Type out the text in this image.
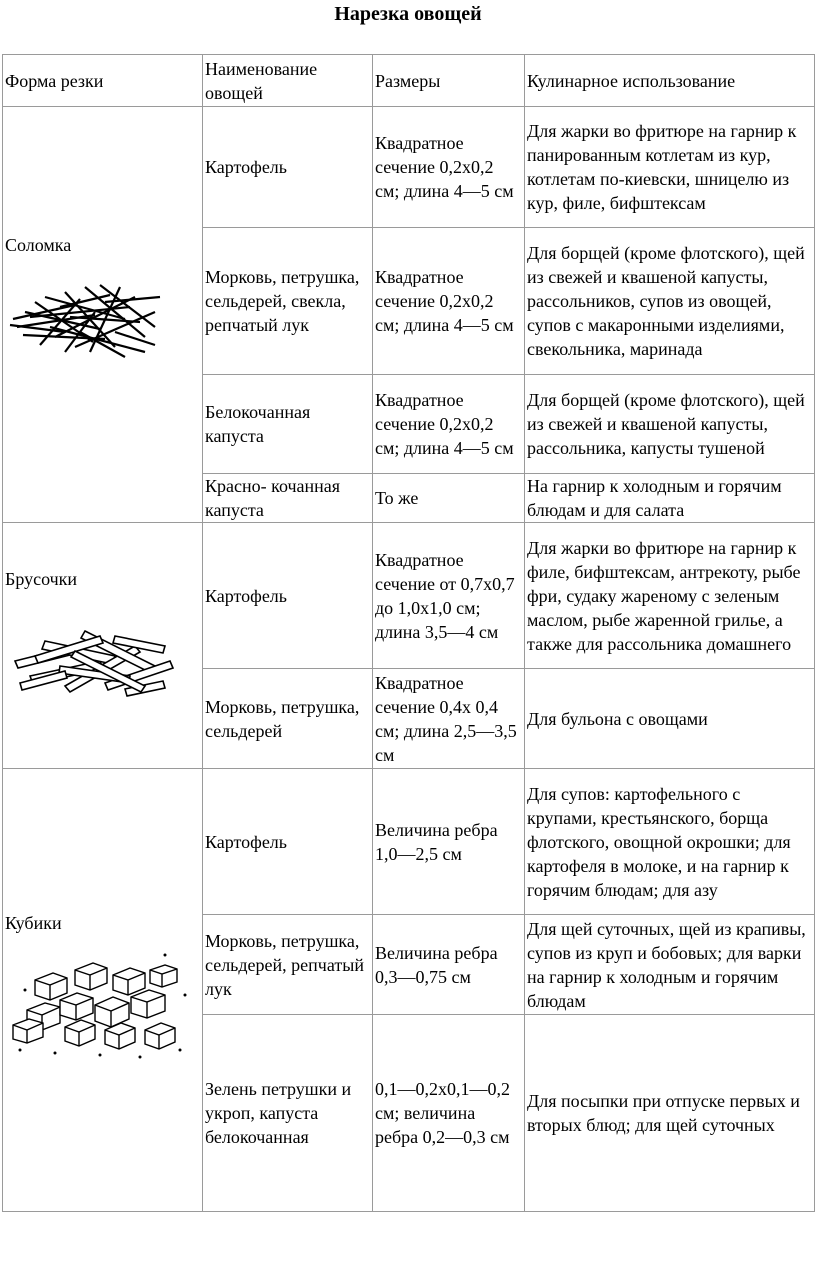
Нарезка овощей
Форма резки	Наименование овощей	Размеры	Кулинарное использование

Соломка	Картофель	Квадратное сечение 0,2х0,2 см; длина 4—5 см	Для жарки во фритюре на гарнир к панированным котлетам из кур, котлетам по-киевски, шницелю из кур, филе, бифштексам
	Морковь, петрушка, сельдерей, свекла, репчатый лук	Квадратное сечение 0,2х0,2 см; длина 4—5 см	Для борщей (кроме флотского), щей из свежей и квашеной капусты, рассольников, супов из овощей, супов с макаронными изделиями, свекольника, маринада
	Белокочанная капуста	Квадратное сечение 0,2х0,2 см; длина 4—5 см	Для борщей (кроме флотского), щей из свежей и квашеной капусты, рассольника, капусты тушеной
	Красно- кочанная капуста	То же	На гарнир к холодным и горячим блюдам и для салата

Брусочки	Картофель	Квадратное сечение от 0,7х0,7 до 1,0х1,0 см; длина 3,5—4 см	Для жарки во фритюре на гарнир к филе, бифштексам, антрекоту, рыбе фри, судаку жареному с зеленым маслом, рыбе жаренной грилье, а также для рассольника домашнего
	Морковь, петрушка, сельдерей	Квадратное сечение 0,4х 0,4 см; длина 2,5—3,5 см	Для бульона с овощами

Кубики	Картофель	Величина ребра 1,0—2,5 см	Для супов: картофельного с крупами, крестьянского, борща флотского, овощной окрошки; для картофеля в молоке, и на гарнир к горячим блюдам; для азу
	Морковь, петрушка, сельдерей, репчатый лук	Величина ребра 0,3—0,75 см	Для щей суточных, щей из крапивы, супов из круп и бобовых; для варки на гарнир к холодным и горячим блюдам
	Зелень петрушки и укроп, капуста белокочанная	0,1—0,2х0,1—0,2 см; величина ребра 0,2—0,3 см	Для посыпки при отпуске первых и вторых блюд; для щей суточных
